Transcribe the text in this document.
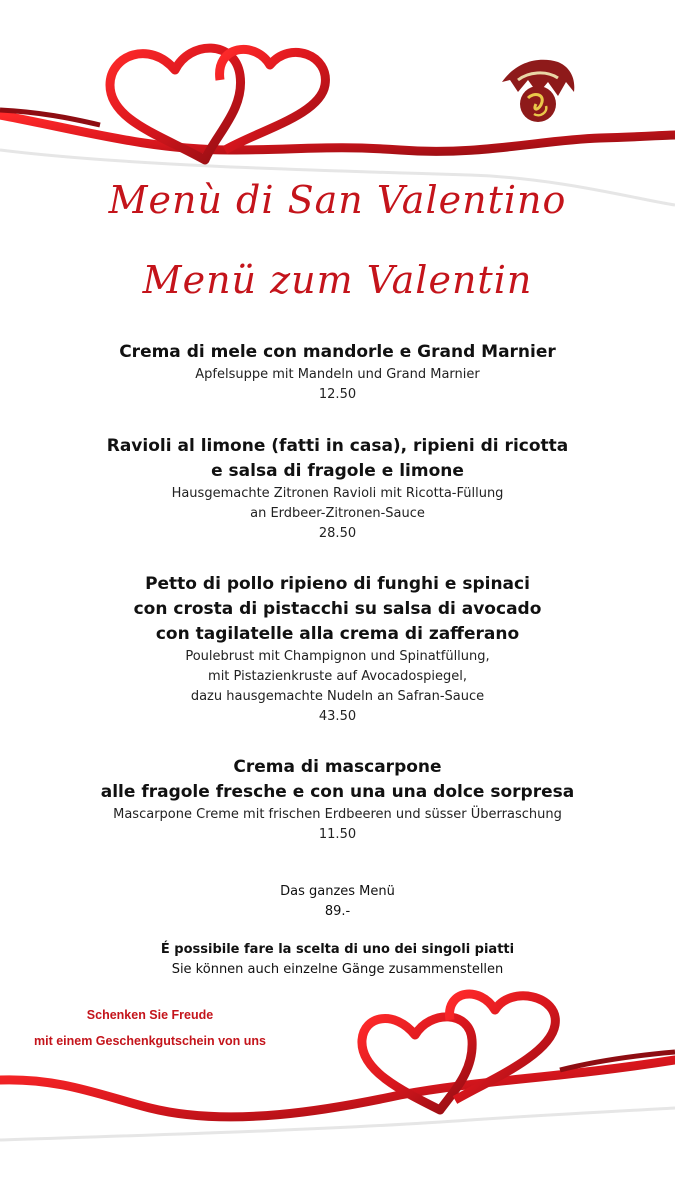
Menù di San Valentino
Menü zum Valentin
Crema di mele con mandorle e Grand Marnier
Apfelsuppe mit Mandeln und Grand Marnier
12.50
Ravioli al limone (fatti in casa), ripieni di ricotta
e salsa di fragole e limone
Hausgemachte Zitronen Ravioli mit Ricotta-Füllung
an Erdbeer-Zitronen-Sauce
28.50
Petto di pollo ripieno di funghi e spinaci
con crosta di pistacchi su salsa di avocado
con tagilatelle alla crema di zafferano
Poulebrust mit Champignon und Spinatfüllung,
mit Pistazienkruste auf Avocadospiegel,
dazu hausgemachte Nudeln an Safran-Sauce
43.50
Crema di mascarpone
alle fragole fresche e con una una dolce sorpresa
Mascarpone Creme mit frischen Erdbeeren und süsser Überraschung
11.50
Das ganzes Menü
89.-
É possibile fare la scelta di uno dei singoli piatti
Sie können auch einzelne Gänge zusammenstellen
Schenken Sie Freude
mit einem Geschenkgutschein von uns
